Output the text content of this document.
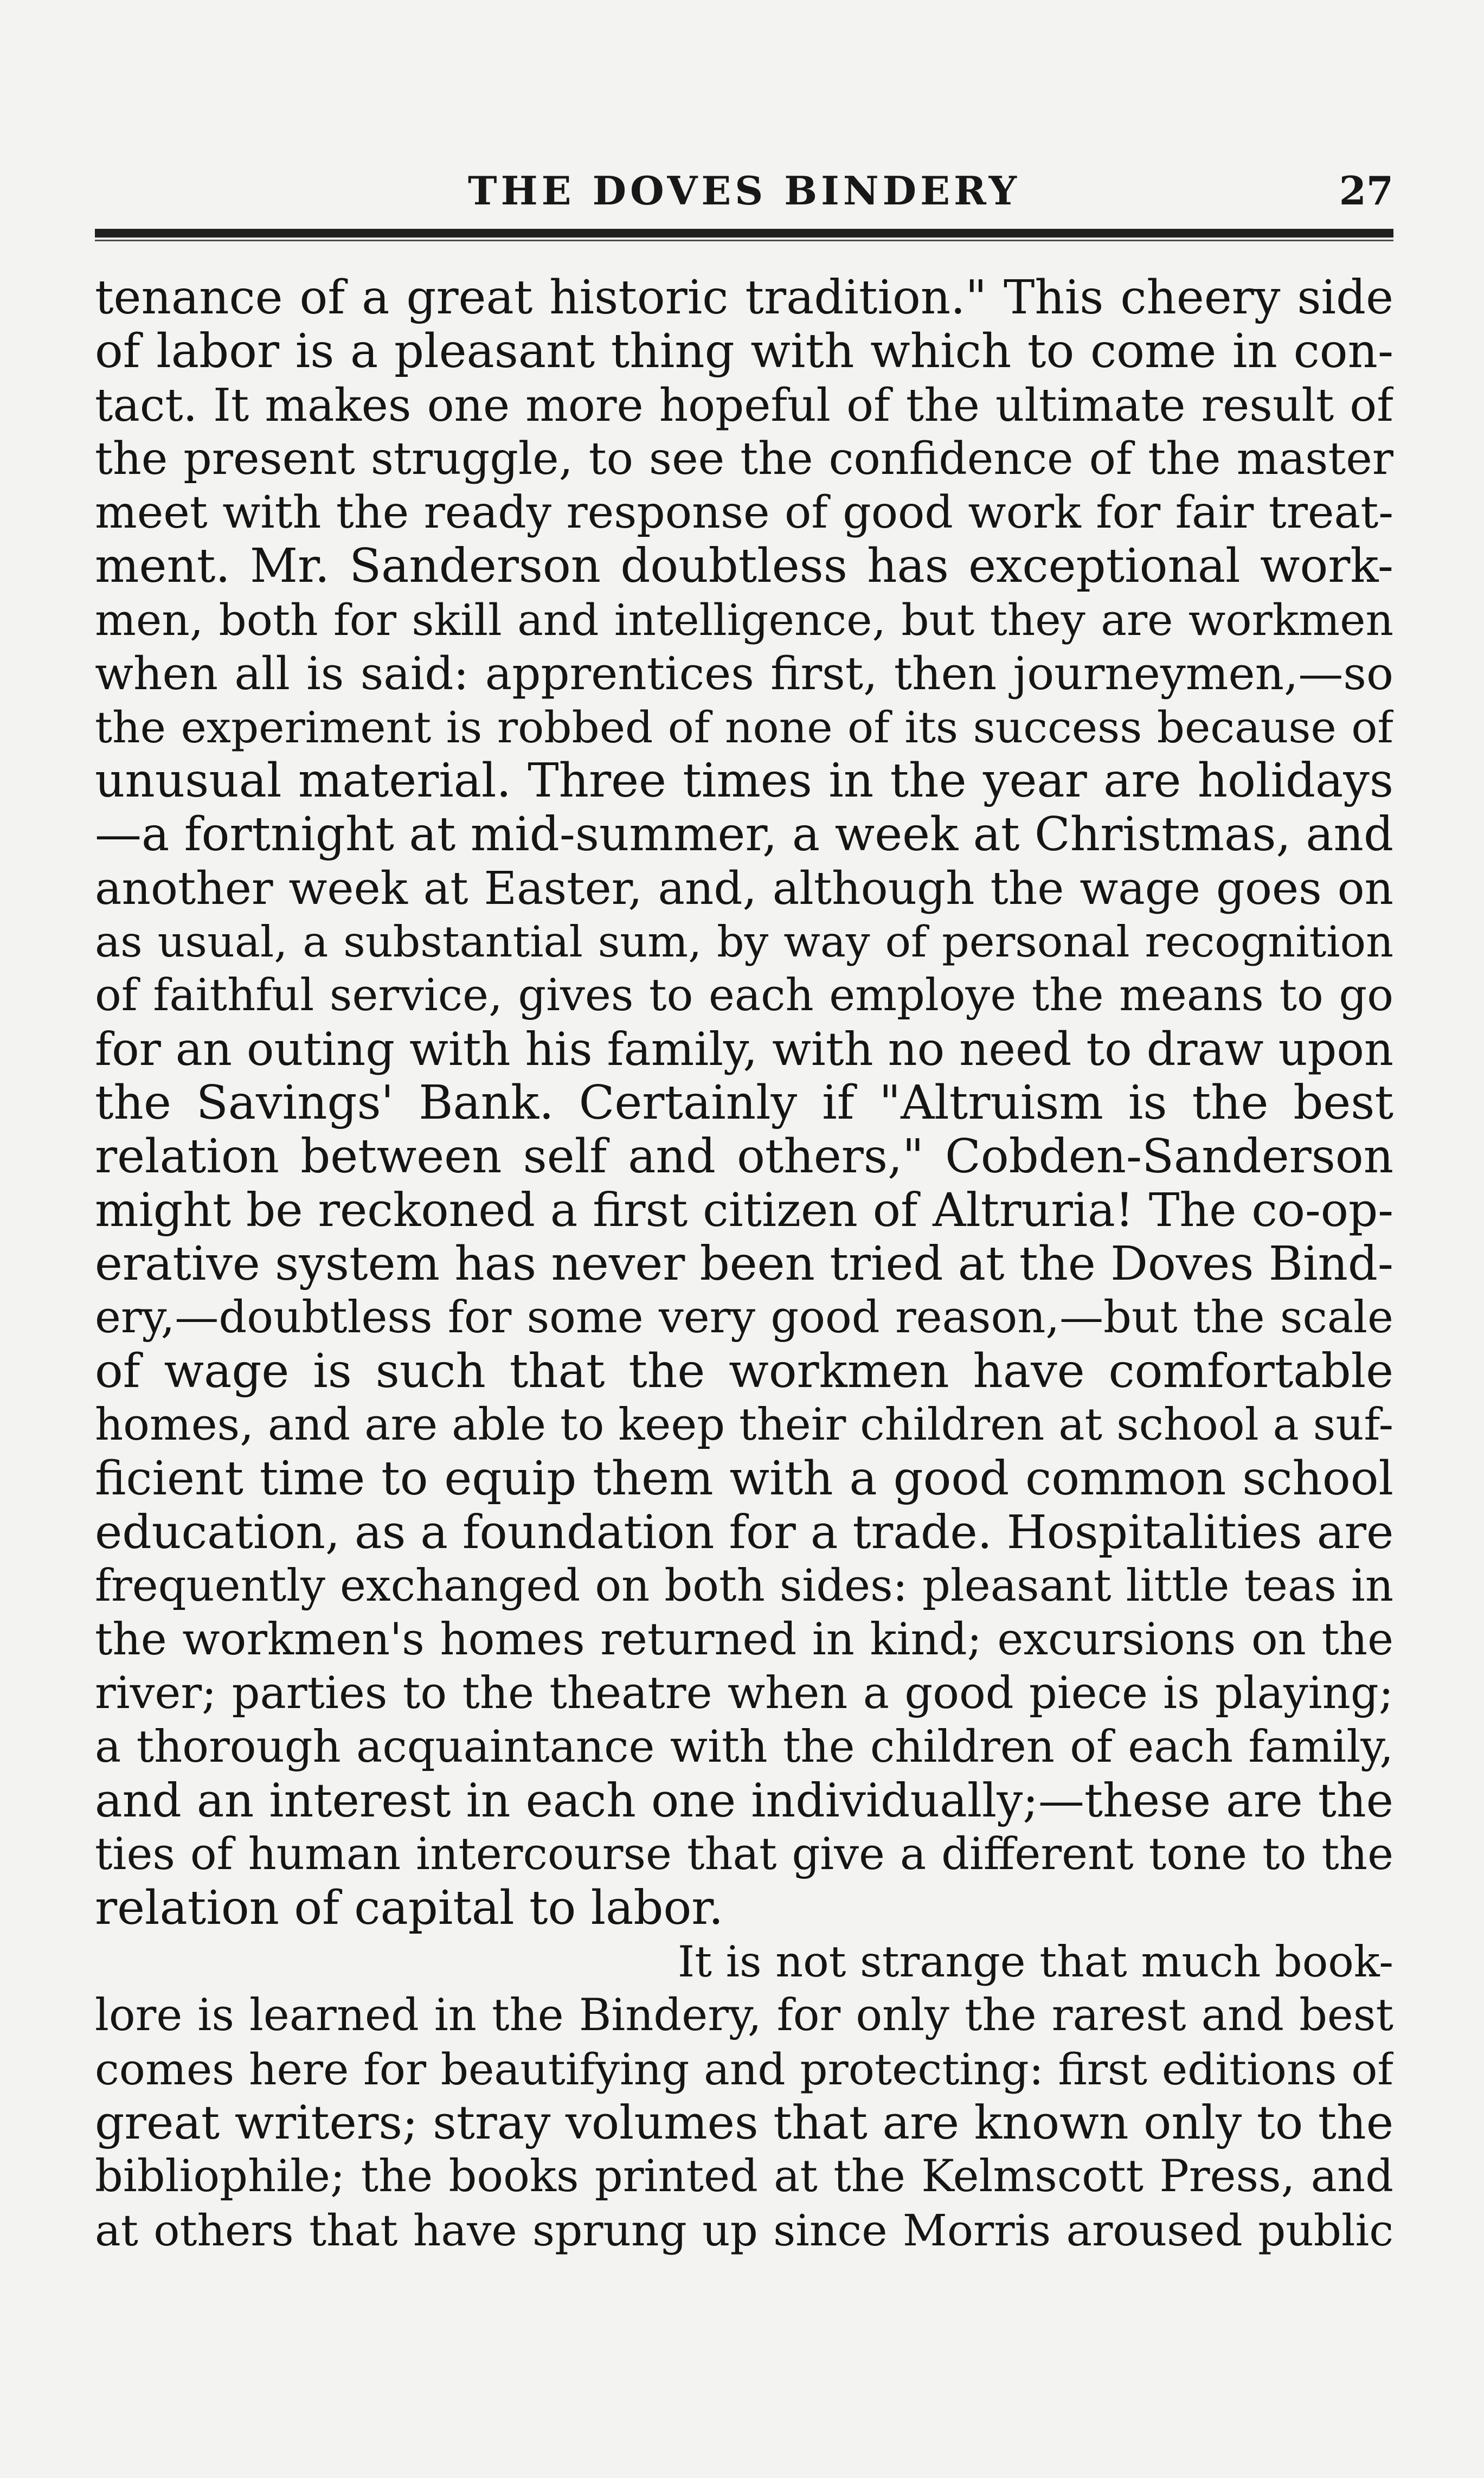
THE DOVES BINDERY	27
tenance of a great historic tradition." This cheery side
of labor is a pleasant thing with which to come in con-
tact. It makes one more hopeful of the ultimate result of
the present struggle, to see the confidence of the master
meet with the ready response of good work for fair treat-
ment. Mr. Sanderson doubtless has exceptional work-
men, both for skill and intelligence, but they are workmen
when all is said: apprentices first, then journeymen,—so
the experiment is robbed of none of its success because of
unusual material. Three times in the year are holidays
—a fortnight at mid-summer, a week at Christmas, and
another week at Easter, and, although the wage goes on
as usual, a substantial sum, by way of personal recognition
of faithful service, gives to each employe the means to go
for an outing with his family, with no need to draw upon
the Savings' Bank. Certainly if "Altruism is the best
relation between self and others," Cobden-Sanderson
might be reckoned a first citizen of Altruria! The co-op-
erative system has never been tried at the Doves Bind-
ery,—doubtless for some very good reason,—but the scale
of wage is such that the workmen have comfortable
homes, and are able to keep their children at school a suf-
ficient time to equip them with a good common school
education, as a foundation for a trade. Hospitalities are
frequently exchanged on both sides: pleasant little teas in
the workmen's homes returned in kind; excursions on the
river; parties to the theatre when a good piece is playing;
a thorough acquaintance with the children of each family,
and an interest in each one individually;—these are the
ties of human intercourse that give a different tone to the
relation of capital to labor.
It is not strange that much book-
lore is learned in the Bindery, for only the rarest and best
comes here for beautifying and protecting: first editions of
great writers; stray volumes that are known only to the
bibliophile; the books printed at the Kelmscott Press, and
at others that have sprung up since Morris aroused public
